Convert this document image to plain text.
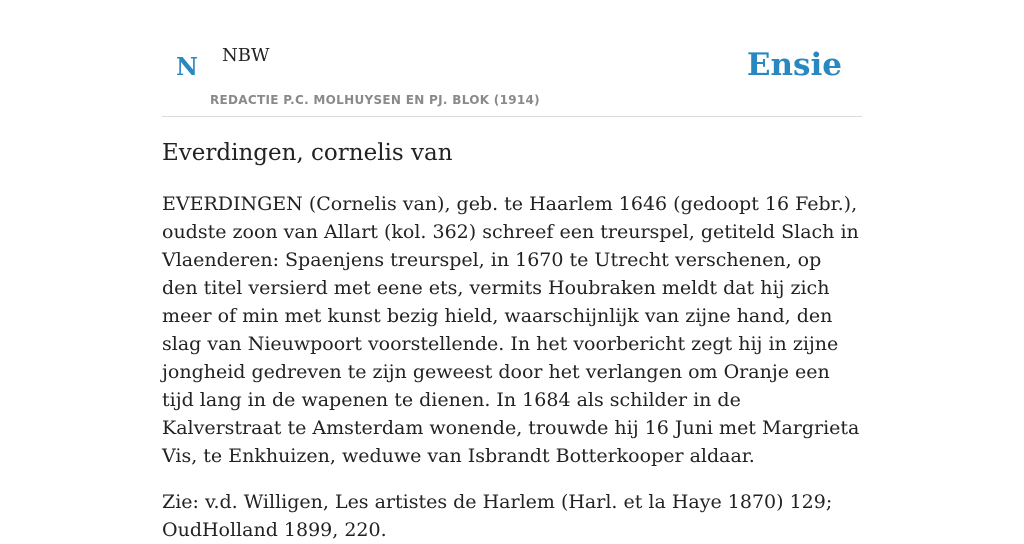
N NBW
REDACTIE P.C. MOLHUYSEN EN PJ. BLOK (1914)
Ensie
Everdingen, cornelis van

EVERDINGEN (Cornelis van), geb. te Haarlem 1646 (gedoopt 16 Febr.), oudste zoon van Allart (kol. 362) schreef een treurspel, getiteld Slach in Vlaenderen: Spaenjens treurspel, in 1670 te Utrecht verschenen, op den titel versierd met eene ets, vermits Houbraken meldt dat hij zich meer of min met kunst bezig hield, waarschijnlijk van zijne hand, den slag van Nieuwpoort voorstellende. In het voorbericht zegt hij in zijne jongheid gedreven te zijn geweest door het verlangen om Oranje een tijd lang in de wapenen te dienen. In 1684 als schilder in de Kalverstraat te Amsterdam wonende, trouwde hij 16 Juni met Margrieta Vis, te Enkhuizen, weduwe van Isbrandt Botterkooper aldaar.

Zie: v.d. Willigen, Les artistes de Harlem (Harl. et la Haye 1870) 129; OudHolland 1899, 220.
